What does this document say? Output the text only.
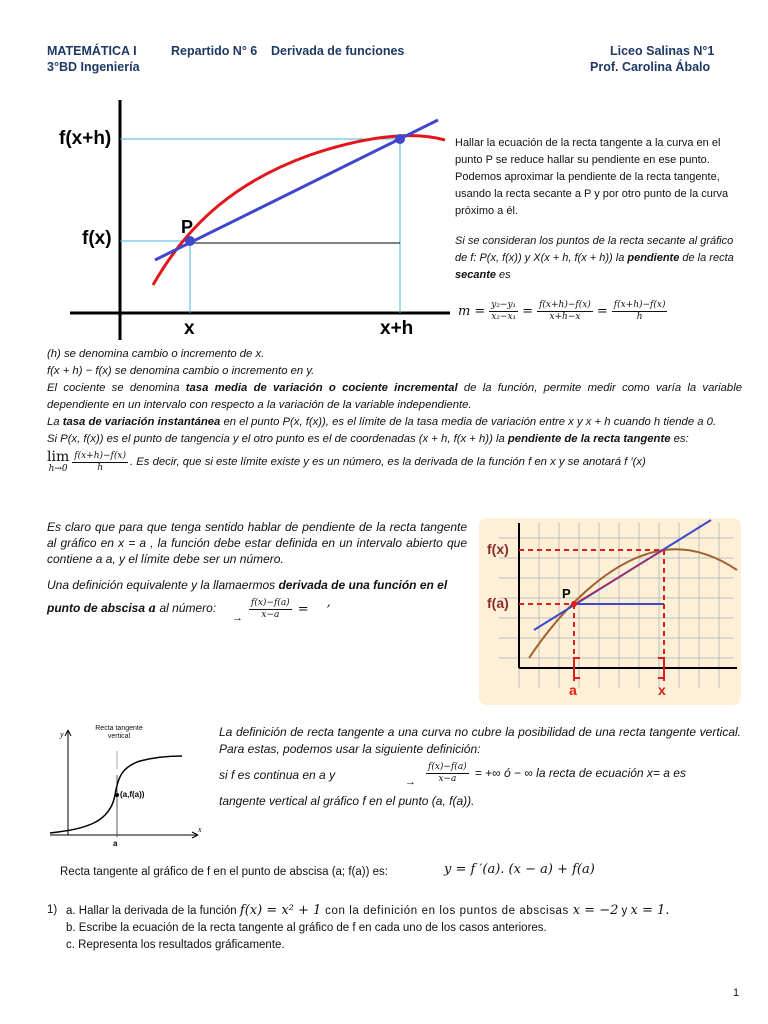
MATEMÁTICA I
3°BD Ingeniería
Repartido N° 6 Derivada de funciones	Liceo Salinas N°1
Prof. Carolina Ábalo
f(x+h)
f(x)
P
x	x+h
Hallar la ecuación de la recta tangente a la curva en el punto P se reduce hallar su pendiente en ese punto. Podemos aproximar la pendiente de la recta tangente, usando la recta secante a P y por otro punto de la curva próximo a él.
Si se consideran los puntos de la recta secante al gráfico de f: P(x, f(x)) y X(x + h, f(x + h)) la pendiente de la recta secante es
$m = \frac{\text{y₂−y₁}}{\text{x₂−x₁}} = \frac{f(x+h)-f(x)}{x+h-x} = \frac{f(x+h)-f(x)}{h}$
(h) se denomina cambio o incremento de x.
f(x + h) − f(x) se denomina cambio o incremento en y.
El cociente se denomina tasa media de variación o cociente incremental de la función, permite medir como varía la variable dependiente en un intervalo con respecto a la variación de la variable independiente.
La tasa de variación instantánea en el punto P(x, f(x)), es el límite de la tasa media de variación entre x y x + h cuando h tiende a 0.
Si P(x, f(x)) es el punto de tangencia y el otro punto es el de coordenadas (x + h, f(x + h)) la pendiente de la recta tangente es:
lim
$h\to 0 \frac{f(x+h)-f(x)}{h}$ . Es decir, que si este límite existe y es un número, es la derivada de la función f en x y se anotará f ′(x)
Es claro que para que tenga sentido hablar de pendiente de la recta tangente al gráfico en x = a , la función debe estar definida en un intervalo abierto que contiene a a, y el límite debe ser un número.
Una definición equivalente y la llamaermos derivada de una función en el punto de abscisa a al número:
→ $\frac{f(x)-f(a)}{x-a}$ = ,
f(x)
f(a)
P
a	x
y
x
Recta tangente vertical
(a,f(a))
a
La definición de recta tangente a una curva no cubre la posibilidad de una recta tangente vertical. Para estas, podemos usar la siguiente definición:
si f es continua en a y	→ $\frac{f(x)-f(a)}{x-a}$ = +∞ ó − ∞ la recta de ecuación x= a es
tangente vertical al gráfico f en el punto (a, f(a)).
Recta tangente al gráfico de f en el punto de abscisa (a; f(a)) es:	y = f ′(a). (x − a) + f(a)
1) a. Hallar la derivada de la función f(x) = x² + 1 con la definición en los puntos de abscisas x = −2 y x = 1.
b. Escribe la ecuación de la recta tangente al gráfico de f en cada uno de los casos anteriores.
c. Representa los resultados gráficamente.
1
